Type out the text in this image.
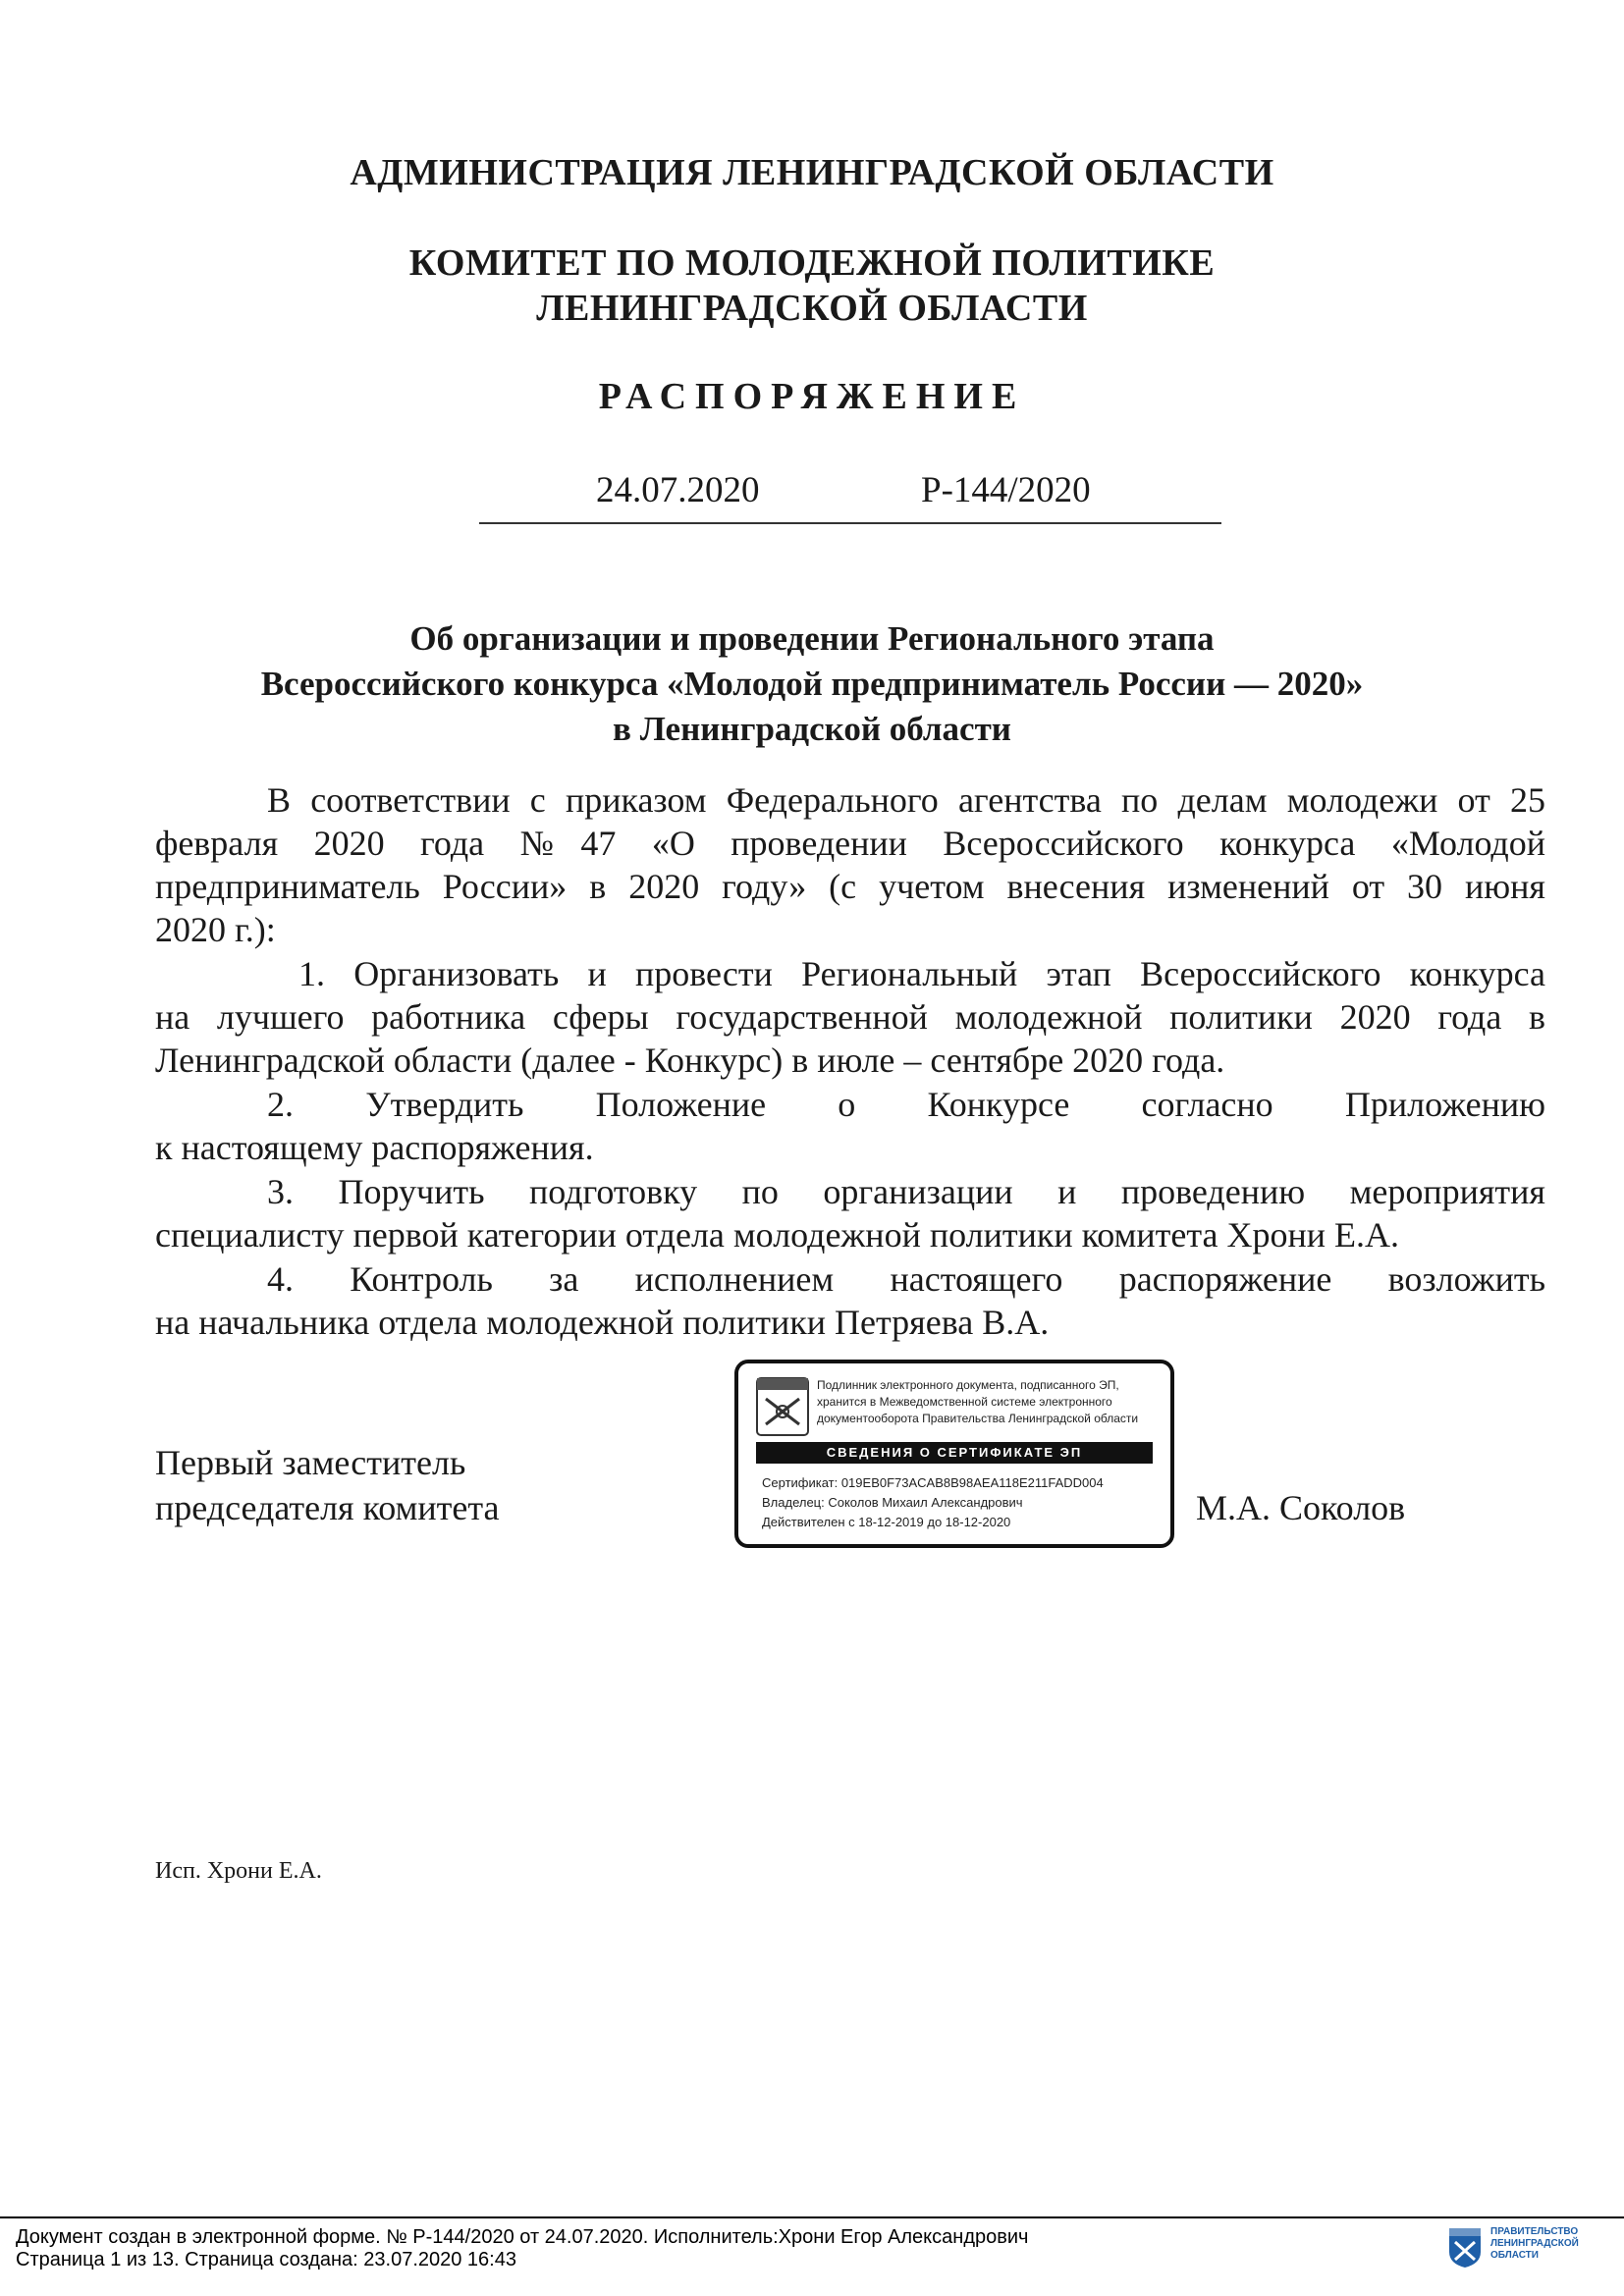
АДМИНИСТРАЦИЯ ЛЕНИНГРАДСКОЙ ОБЛАСТИ
КОМИТЕТ ПО МОЛОДЕЖНОЙ ПОЛИТИКЕ
ЛЕНИНГРАДСКОЙ ОБЛАСТИ
РАСПОРЯЖЕНИЕ
24.07.2020	Р-144/2020
Об организации и проведении Регионального этапа
Всероссийского конкурса «Молодой предприниматель России — 2020»
в Ленинградской области
В соответствии с приказом Федерального агентства по делам молодежи от 25
февраля 2020 года №47 «О проведении Всероссийского конкурса «Молодой
предприниматель России» в 2020 году» (с учетом внесения изменений от 30 июня
2020 г.):
1. Организовать и провести Региональный этап Всероссийского конкурса
на лучшего работника сферы государственной молодежной политики 2020 года в
Ленинградской области (далее - Конкурс) в июле – сентябре 2020 года.
2. Утвердить Положение о Конкурсе согласно Приложению
к настоящему распоряжения.
3. Поручить подготовку по организации и проведению мероприятия
специалисту первой категории отдела молодежной политики комитета Хрони Е.А.
4. Контроль за исполнением настоящего распоряжение возложить
на начальника отдела молодежной политики Петряева В.А.
Первый заместитель
председателя комитета	М.А. Соколов
Подлинник электронного документа, подписанного ЭП,
хранится в Межведомственной системе электронного
документооборота Правительства Ленинградской области
СВЕДЕНИЯ О СЕРТИФИКАТЕ ЭП
Сертификат: 019EB0F73ACAB8B98AEA118E211FADD004
Владелец: Соколов Михаил Александрович
Действителен с 18-12-2019 до 18-12-2020
Исп. Хрони Е.А.
Документ создан в электронной форме. № Р-144/2020 от 24.07.2020. Исполнитель:Хрони Егор Александрович
Страница 1 из 13. Страница создана: 23.07.2020 16:43
ПРАВИТЕЛЬСТВО
ЛЕНИНГРАДСКОЙ
ОБЛАСТИ
